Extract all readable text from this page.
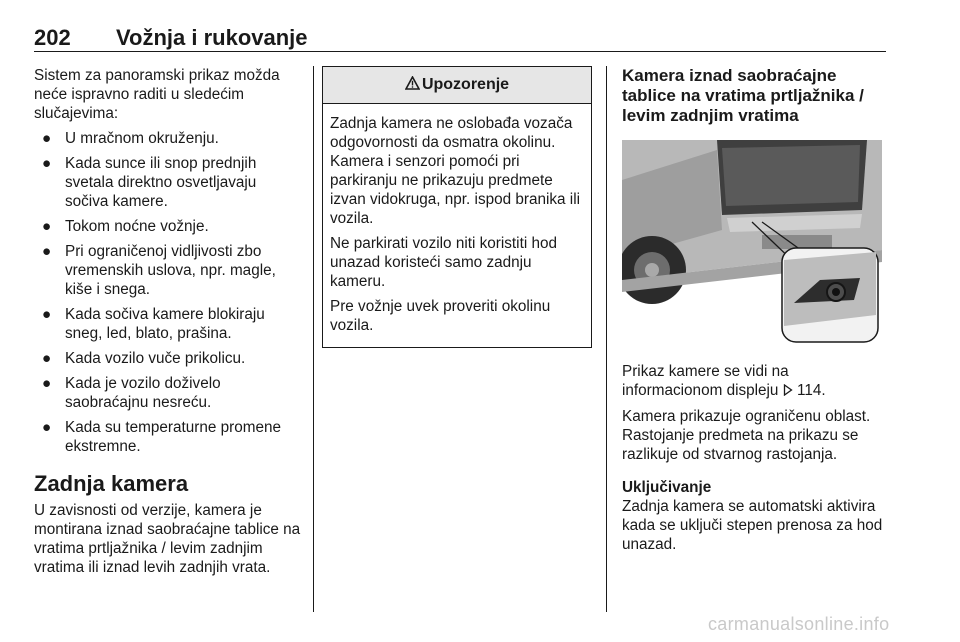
202 Vožnja i rukovanje

Sistem za panoramski prikaz možda neće ispravno raditi u sledećim slučajevima:

● U mračnom okruženju.
● Kada sunce ili snop prednjih svetala direktno osvetljavaju sočiva kamere.
● Tokom noćne vožnje.
● Pri ograničenoj vidljivosti zbo vremenskih uslova, npr. magle, kiše i snega.
● Kada sočiva kamere blokiraju sneg, led, blato, prašina.
● Kada vozilo vuče prikolicu.
● Kada je vozilo doživelo saobraćajnu nesreću.
● Kada su temperaturne promene ekstremne.
Zadnja kamera

U zavisnosti od verzije, kamera je montirana iznad saobraćajne tablice na vratima prtljažnika / levim zadnjim vratima ili iznad levih zadnjih vrata.

Upozorenje

Zadnja kamera ne oslobađa vozača odgovornosti da osmatra okolinu. Kamera i senzori pomoći pri parkiranju ne prikazuju predmete izvan vidokruga, npr. ispod branika ili vozila.

Ne parkirati vozilo niti koristiti hod unazad koristeći samo zadnju kameru.

Pre vožnje uvek proveriti okolinu vozila.

Kamera iznad saobraćajne tablice na vratima prtljažnika / levim zadnjim vratima

Prikaz kamere se vidi na informacionom displeju 114.

Kamera prikazuje ograničenu oblast. Rastojanje predmeta na prikazu se razlikuje od stvarnog rastojanja.

Uključivanje

Zadnja kamera se automatski aktivira kada se uključi stepen prenosa za hod unazad.

carmanualsonline.info
